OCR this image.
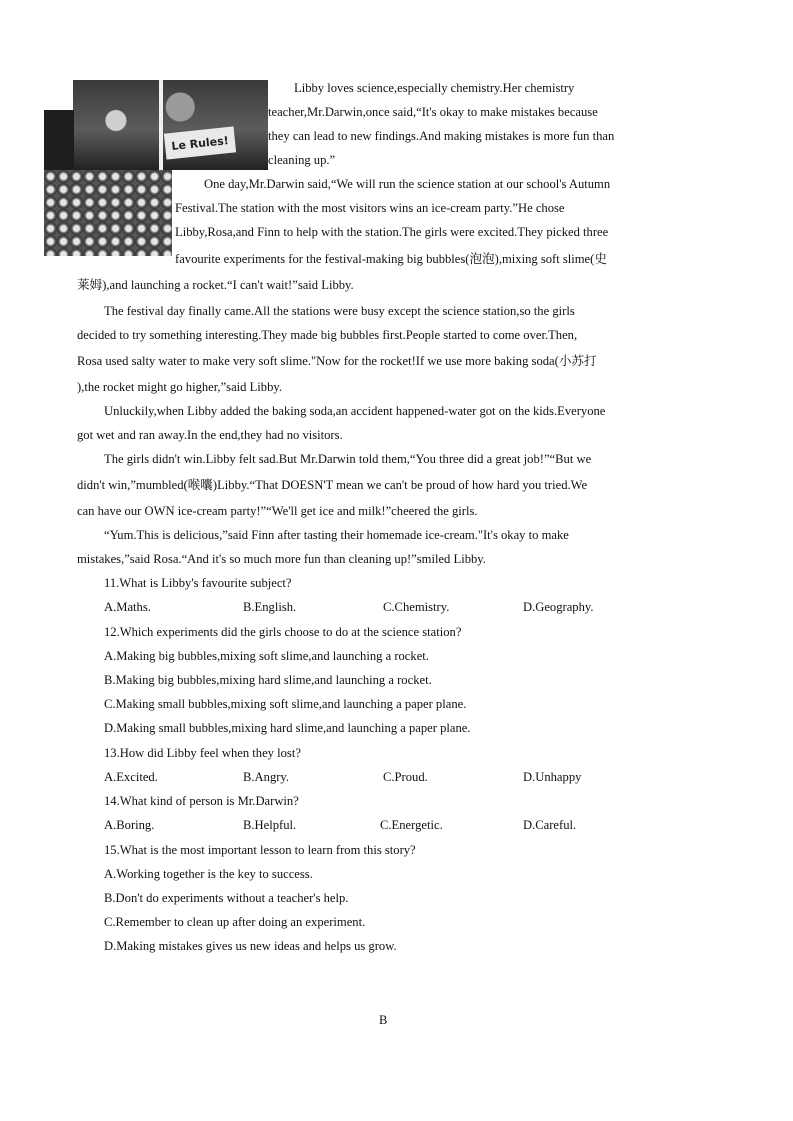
Le Rules!
Libby loves science,especially chemistry.Her chemistry
teacher,Mr.Darwin,once said,“It's okay to make mistakes because
they can lead to new findings.And making mistakes is more fun than
cleaning up.”
One day,Mr.Darwin said,“We will run the science station at our school's Autumn
Festival.The station with the most visitors wins an ice-cream party.”He chose
Libby,Rosa,and Finn to help with the station.The girls were excited.They picked three
favourite experiments for the festival-making big bubbles(泡泡),mixing soft slime(史
莱姆),and launching a rocket.“I can't wait!”said Libby.
The festival day finally came.All the stations were busy except the science station,so the girls
decided to try something interesting.They made big bubbles first.People started to come over.Then,
Rosa used salty water to make very soft slime."Now for the rocket!If we use more baking soda(小苏打
),the rocket might go higher,”said Libby.
Unluckily,when Libby added the baking soda,an accident happened-water got on the kids.Everyone
got wet and ran away.In the end,they had no visitors.
The girls didn't win.Libby felt sad.But Mr.Darwin told them,“You three did a great job!”“But we
didn't win,”mumbled(喉囔)Libby.“That DOESN'T mean we can't be proud of how hard you tried.We
can have our OWN ice-cream party!”“We'll get ice and milk!”cheered the girls.
“Yum.This is delicious,”said Finn after tasting their homemade ice-cream."It's okay to make
mistakes,”said Rosa.“And it's so much more fun than cleaning up!”smiled Libby.
11.What is Libby's favourite subject?
A.Maths.	B.English.	C.Chemistry.	D.Geography.
12.Which experiments did the girls choose to do at the science station?
A.Making big bubbles,mixing soft slime,and launching a rocket.
B.Making big bubbles,mixing hard slime,and launching a rocket.
C.Making small bubbles,mixing soft slime,and launching a paper plane.
D.Making small bubbles,mixing hard slime,and launching a paper plane.
13.How did Libby feel when they lost?
A.Excited.	B.Angry.	C.Proud.	D.Unhappy
14.What kind of person is Mr.Darwin?
A.Boring.	B.Helpful.	C.Energetic.	D.Careful.
15.What is the most important lesson to learn from this story?
A.Working together is the key to success.
B.Don't do experiments without a teacher's help.
C.Remember to clean up after doing an experiment.
D.Making mistakes gives us new ideas and helps us grow.
B
